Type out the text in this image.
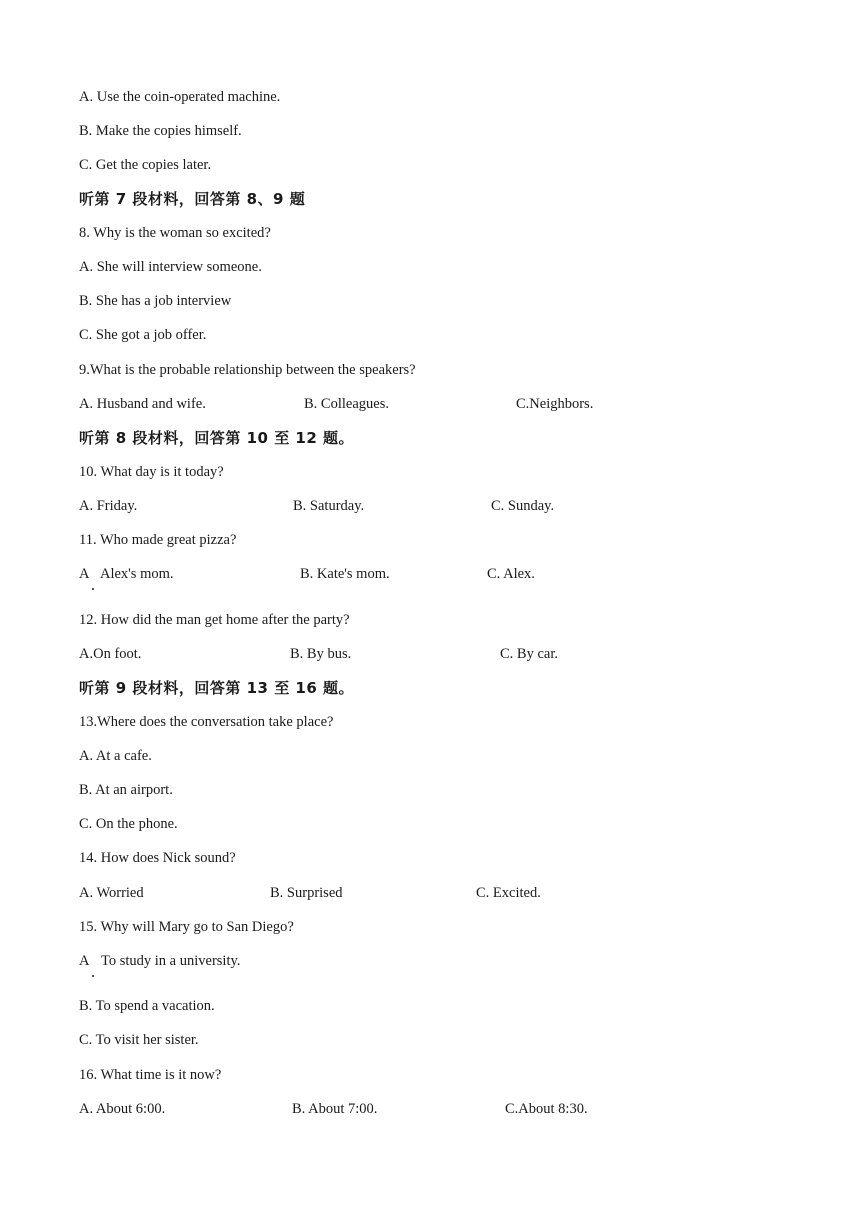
A. Use the coin-operated machine.
B. Make the copies himself.
C. Get the copies later.
听第 7 段材料，回答第 8、9 题
8. Why is the woman so excited?
A. She will interview someone.
B. She has a job interview
C. She got a job offer.
9.What is the probable relationship between the speakers?
A. Husband and wife.	B. Colleagues.	C.Neighbors.
听第 8 段材料，回答第 10 至 12 题。
10. What day is it today?
A. Friday.	B. Saturday.	C. Sunday.
11. Who made great pizza?
A Alex's mom.	B. Kate's mom.	C. Alex.
12. How did the man get home after the party?
A.On foot.	B. By bus.	C. By car.
听第 9 段材料，回答第 13 至 16 题。
13.Where does the conversation take place?
A. At a cafe.
B. At an airport.
C. On the phone.
14. How does Nick sound?
A. Worried	B. Surprised	C. Excited.
15. Why will Mary go to San Diego?
A To study in a university.
B. To spend a vacation.
C. To visit her sister.
16. What time is it now?
A. About 6:00.	B. About 7:00.	C.About 8:30.
